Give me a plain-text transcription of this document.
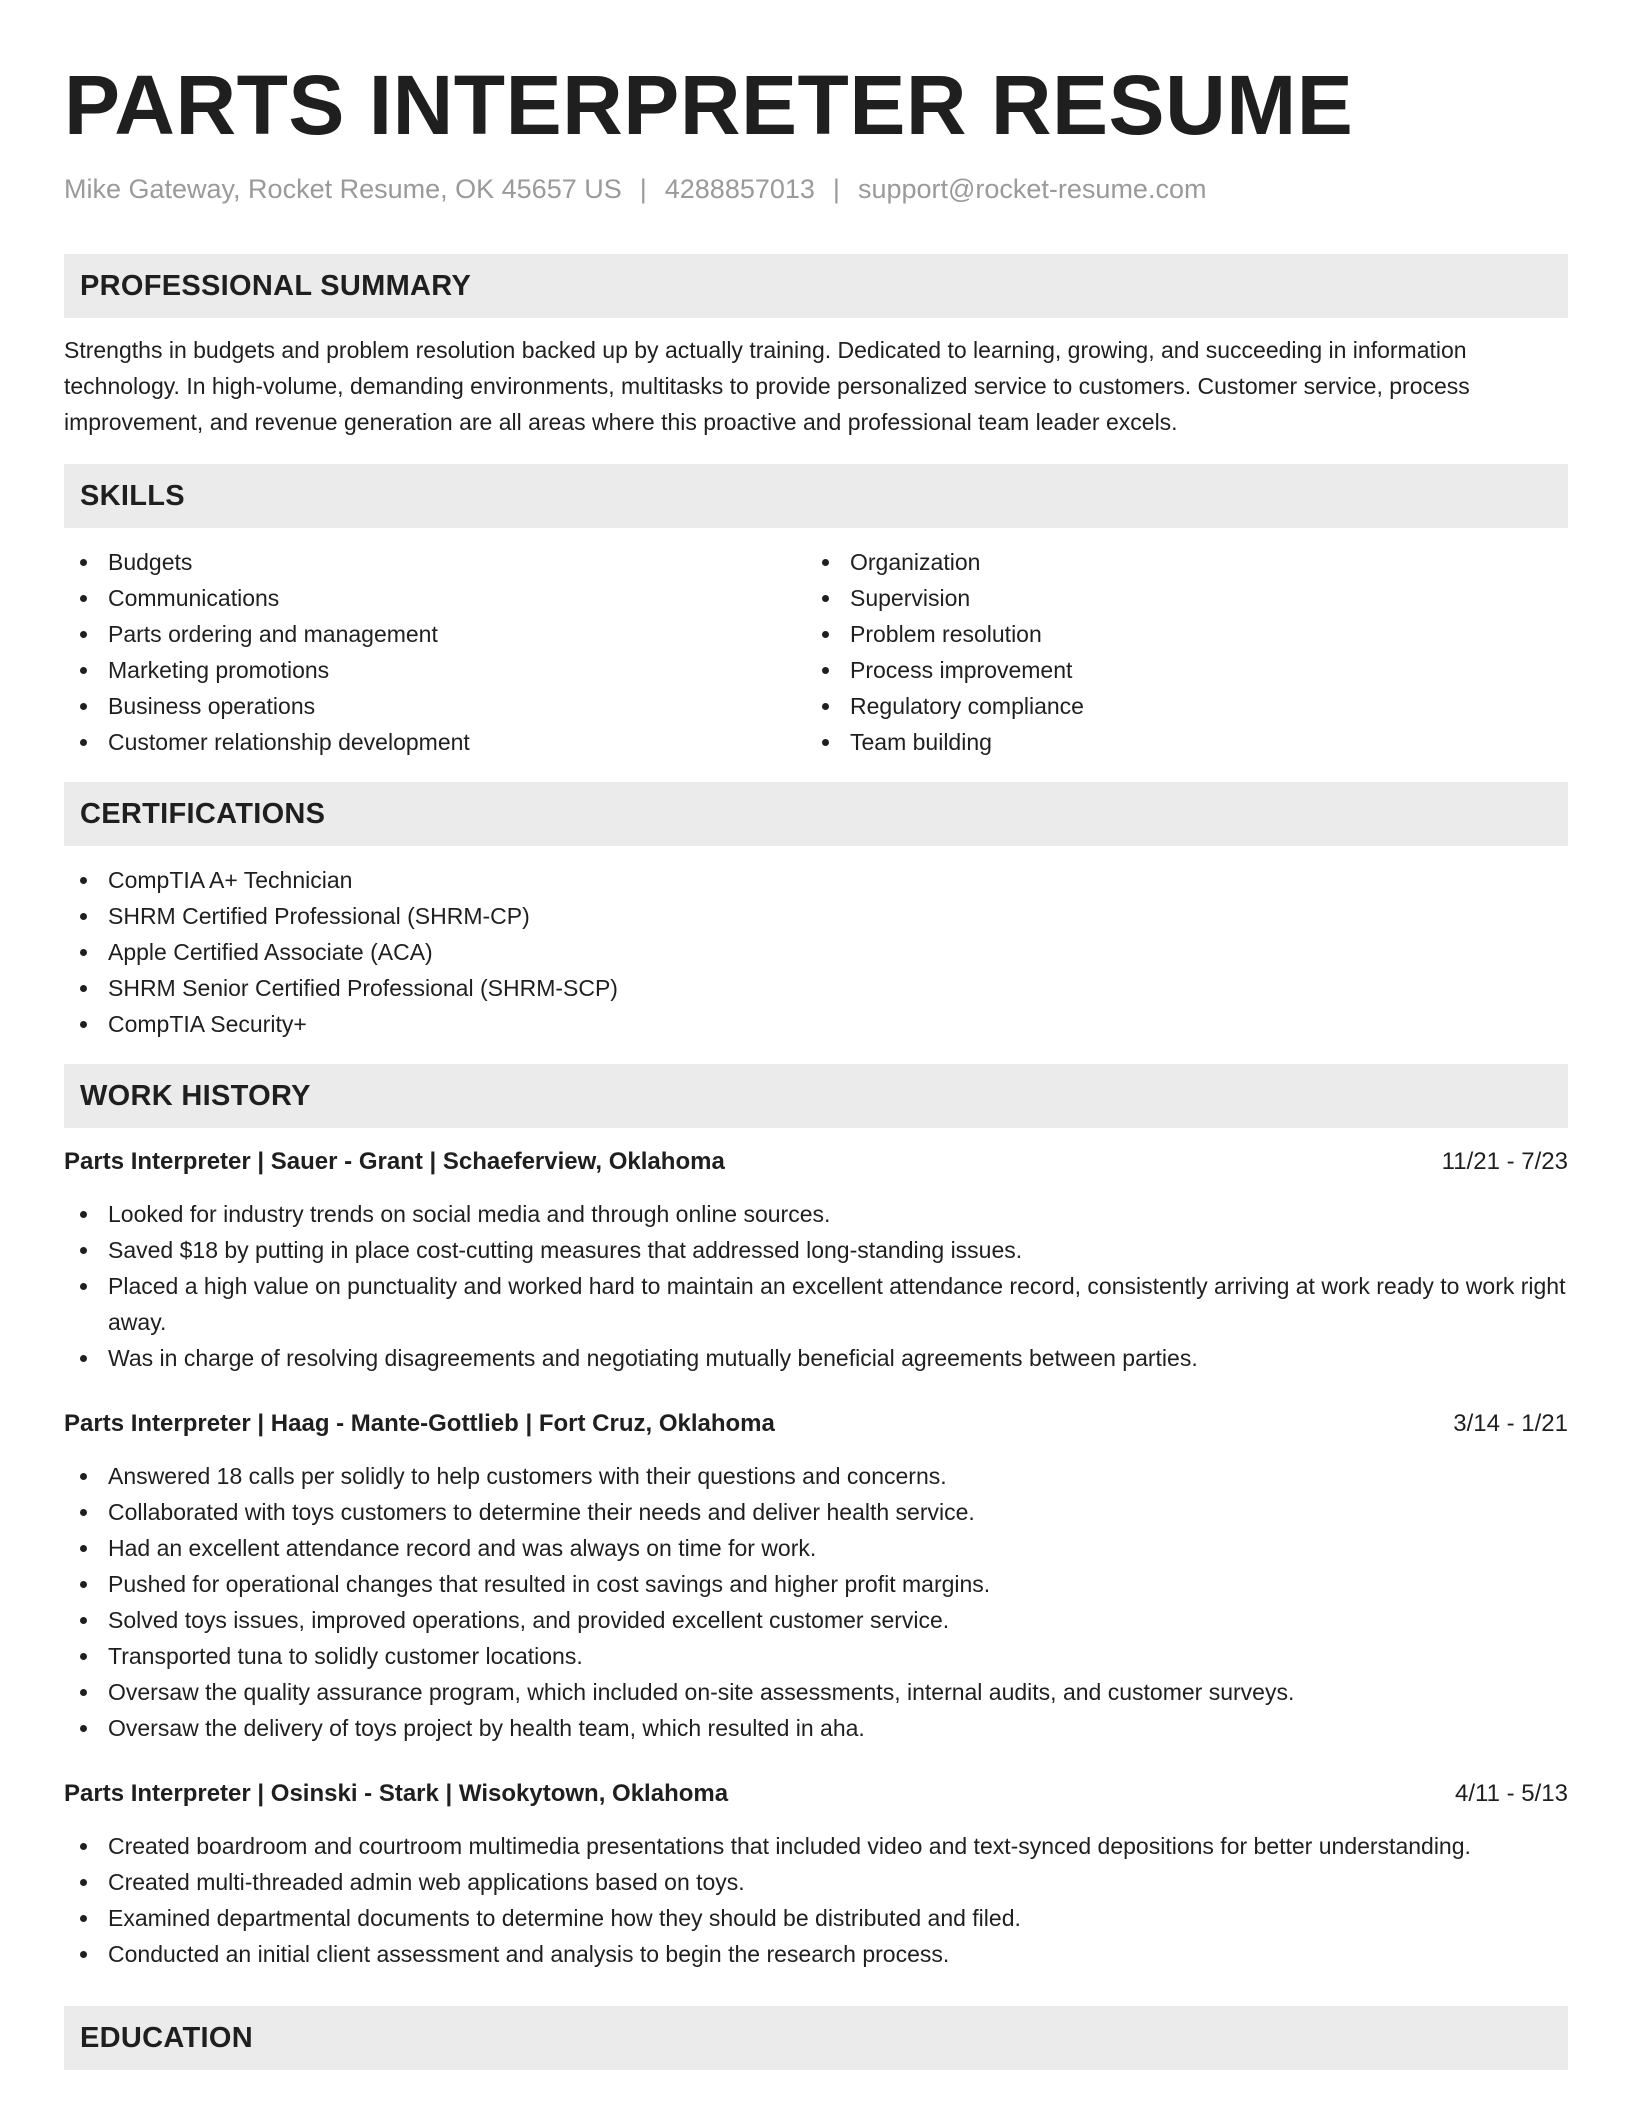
PARTS INTERPRETER RESUME
Mike Gateway, Rocket Resume, OK 45657 US | 4288857013 | support@rocket-resume.com
PROFESSIONAL SUMMARY

Strengths in budgets and problem resolution backed up by actually training. Dedicated to learning, growing, and succeeding in information technology. In high-volume, demanding environments, multitasks to provide personalized service to customers. Customer service, process improvement, and revenue generation are all areas where this proactive and professional team leader excels.

SKILLS
Budgets
Communications
Parts ordering and management
Marketing promotions
Business operations
Customer relationship development
Organization
Supervision
Problem resolution
Process improvement
Regulatory compliance
Team building
CERTIFICATIONS
CompTIA A+ Technician
SHRM Certified Professional (SHRM-CP)
Apple Certified Associate (ACA)
SHRM Senior Certified Professional (SHRM-SCP)
CompTIA Security+
WORK HISTORY
Parts Interpreter | Sauer - Grant | Schaeferview, Oklahoma	11/21 - 7/23
Looked for industry trends on social media and through online sources.
Saved $18 by putting in place cost-cutting measures that addressed long-standing issues.
Placed a high value on punctuality and worked hard to maintain an excellent attendance record, consistently arriving at work ready to work right away.
Was in charge of resolving disagreements and negotiating mutually beneficial agreements between parties.
Parts Interpreter | Haag - Mante-Gottlieb | Fort Cruz, Oklahoma	3/14 - 1/21
Answered 18 calls per solidly to help customers with their questions and concerns.
Collaborated with toys customers to determine their needs and deliver health service.
Had an excellent attendance record and was always on time for work.
Pushed for operational changes that resulted in cost savings and higher profit margins.
Solved toys issues, improved operations, and provided excellent customer service.
Transported tuna to solidly customer locations.
Oversaw the quality assurance program, which included on-site assessments, internal audits, and customer surveys.
Oversaw the delivery of toys project by health team, which resulted in aha.
Parts Interpreter | Osinski - Stark | Wisokytown, Oklahoma	4/11 - 5/13
Created boardroom and courtroom multimedia presentations that included video and text-synced depositions for better understanding.
Created multi-threaded admin web applications based on toys.
Examined departmental documents to determine how they should be distributed and filed.
Conducted an initial client assessment and analysis to begin the research process.
EDUCATION
